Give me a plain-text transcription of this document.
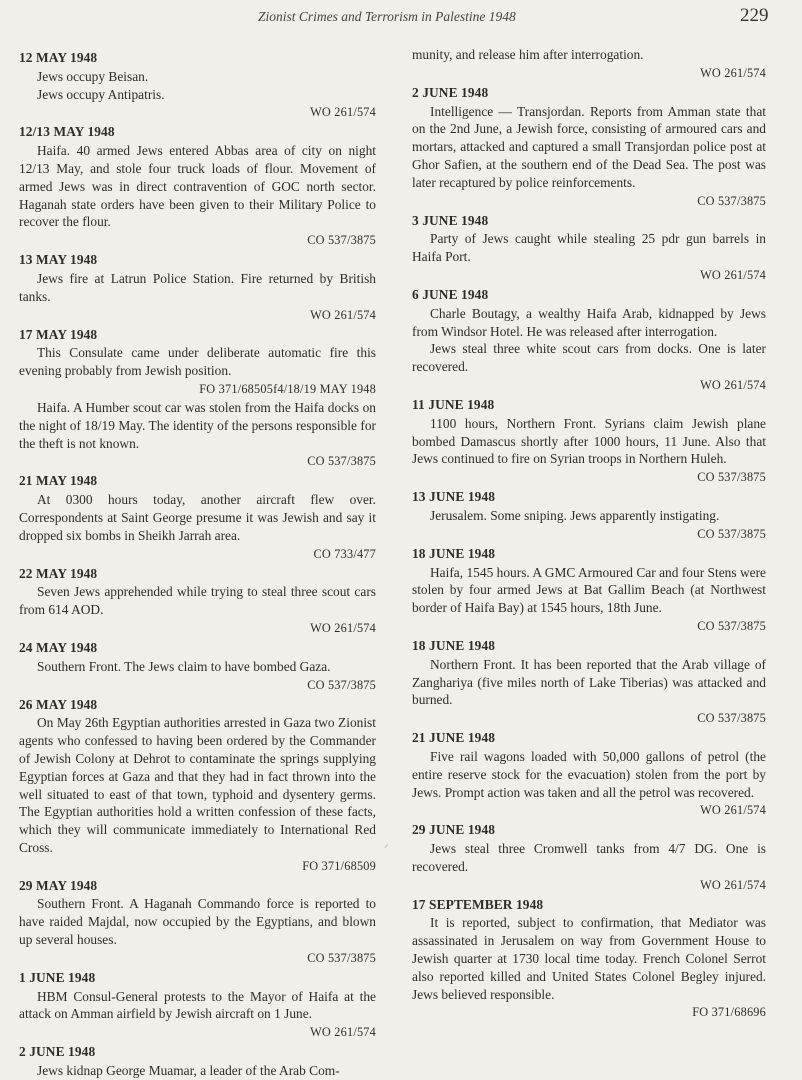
Zionist Crimes and Terrorism in Palestine 1948	229
12 MAY 1948

Jews occupy Beisan.

Jews occupy Antipatris.

WO 261/574
12/13 MAY 1948

Haifa. 40 armed Jews entered Abbas area of city on night 12/13 May, and stole four truck loads of flour. Movement of armed Jews was in direct contravention of GOC north sector. Haganah state orders have been given to their Military Police to recover the flour.

CO 537/3875
13 MAY 1948

Jews fire at Latrun Police Station. Fire returned by British tanks.

WO 261/574
17 MAY 1948

This Consulate came under deliberate automatic fire this evening probably from Jewish position.

FO 371/68505f4/18/19 MAY 1948

Haifa. A Humber scout car was stolen from the Haifa docks on the night of 18/19 May. The identity of the persons responsible for the theft is not known.

CO 537/3875
21 MAY 1948

At 0300 hours today, another aircraft flew over. Correspondents at Saint George presume it was Jewish and say it dropped six bombs in Sheikh Jarrah area.

CO 733/477
22 MAY 1948

Seven Jews apprehended while trying to steal three scout cars from 614 AOD.

WO 261/574
24 MAY 1948

Southern Front. The Jews claim to have bombed Gaza.

CO 537/3875
26 MAY 1948

On May 26th Egyptian authorities arrested in Gaza two Zionist agents who confessed to having been ordered by the Commander of Jewish Colony at Dehrot to contaminate the springs supplying Egyptian forces at Gaza and that they had in fact thrown into the well situated to east of that town, typhoid and dysentery germs. The Egyptian authorities hold a written confession of these facts, which they will communicate immediately to International Red Cross.

FO 371/68509
29 MAY 1948

Southern Front. A Haganah Commando force is reported to have raided Majdal, now occupied by the Egyptians, and blown up several houses.

CO 537/3875
1 JUNE 1948

HBM Consul-General protests to the Mayor of Haifa at the attack on Amman airfield by Jewish aircraft on 1 June.

WO 261/574
2 JUNE 1948

Jews kidnap George Muamar, a leader of the Arab Com-

munity, and release him after interrogation.

WO 261/574
2 JUNE 1948

Intelligence — Transjordan. Reports from Amman state that on the 2nd June, a Jewish force, consisting of armoured cars and mortars, attacked and captured a small Transjordan police post at Ghor Safien, at the southern end of the Dead Sea. The post was later recaptured by police reinforcements.

CO 537/3875
3 JUNE 1948

Party of Jews caught while stealing 25 pdr gun barrels in Haifa Port.

WO 261/574
6 JUNE 1948

Charle Boutagy, a wealthy Haifa Arab, kidnapped by Jews from Windsor Hotel. He was released after interrogation.

Jews steal three white scout cars from docks. One is later recovered.

WO 261/574
11 JUNE 1948

1100 hours, Northern Front. Syrians claim Jewish plane bombed Damascus shortly after 1000 hours, 11 June. Also that Jews continued to fire on Syrian troops in Northern Huleh.

CO 537/3875
13 JUNE 1948

Jerusalem. Some sniping. Jews apparently instigating.

CO 537/3875
18 JUNE 1948

Haifa, 1545 hours. A GMC Armoured Car and four Stens were stolen by four armed Jews at Bat Gallim Beach (at Northwest border of Haifa Bay) at 1545 hours, 18th June.

CO 537/3875
18 JUNE 1948

Northern Front. It has been reported that the Arab village of Zanghariya (five miles north of Lake Tiberias) was attacked and burned.

CO 537/3875
21 JUNE 1948

Five rail wagons loaded with 50,000 gallons of petrol (the entire reserve stock for the evacuation) stolen from the port by Jews. Prompt action was taken and all the petrol was recovered.

WO 261/574
29 JUNE 1948

Jews steal three Cromwell tanks from 4/7 DG. One is recovered.

WO 261/574
17 SEPTEMBER 1948

It is reported, subject to confirmation, that Mediator was assassinated in Jerusalem on way from Government House to Jewish quarter at 1730 local time today. French Colonel Serrot also reported killed and United States Colonel Begley injured. Jews believed responsible.

FO 371/68696
⸝
